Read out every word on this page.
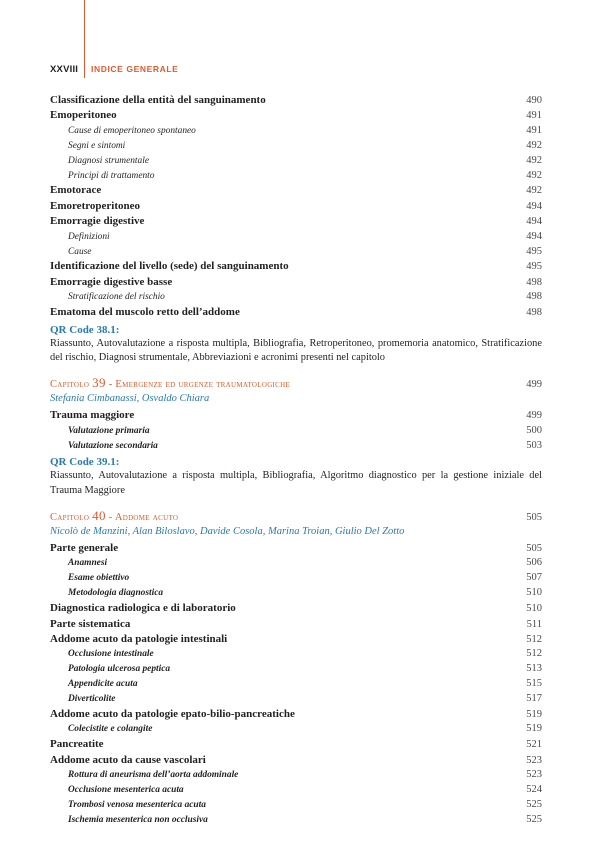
XXVIII INDICE GENERALE
Classificazione della entità del sanguinamento	490
Emoperitoneo	491
Cause di emoperitoneo spontaneo	491
Segni e sintomi	492
Diagnosi strumentale	492
Principi di trattamento	492
Emotorace	492
Emoretroperitoneo	494
Emorragie digestive	494
Definizioni	494
Cause	495
Identificazione del livello (sede) del sanguinamento	495
Emorragie digestive basse	498
Stratificazione del rischio	498
Ematoma del muscolo retto dell’addome	498
QR Code 38.1:
Riassunto, Autovalutazione a risposta multipla, Bibliografia, Retroperitoneo, promemoria anatomico, Stratificazione del rischio, Diagnosi strumentale, Abbreviazioni e acronimi presenti nel capitolo
Capitolo 39 - Emergenze ed urgenze traumatologiche	499
Stefania Cimbanassi, Osvaldo Chiara
Trauma maggiore	499
Valutazione primaria	500
Valutazione secondaria	503
QR Code 39.1:
Riassunto, Autovalutazione a risposta multipla, Bibliografia, Algoritmo diagnostico per la gestione iniziale del Trauma Maggiore
Capitolo 40 - Addome acuto	505
Nicolò de Manzini, Alan Biloslavo, Davide Cosola, Marina Troian, Giulio Del Zotto
Parte generale	505
Anamnesi	506
Esame obiettivo	507
Metodologia diagnostica	510
Diagnostica radiologica e di laboratorio	510
Parte sistematica	511
Addome acuto da patologie intestinali	512
Occlusione intestinale	512
Patologia ulcerosa peptica	513
Appendicite acuta	515
Diverticolite	517
Addome acuto da patologie epato-bilio-pancreatiche	519
Colecistite e colangite	519
Pancreatite	521
Addome acuto da cause vascolari	523
Rottura di aneurisma dell’aorta addominale	523
Occlusione mesenterica acuta	524
Trombosi venosa mesenterica acuta	525
Ischemia mesenterica non occlusiva	525
